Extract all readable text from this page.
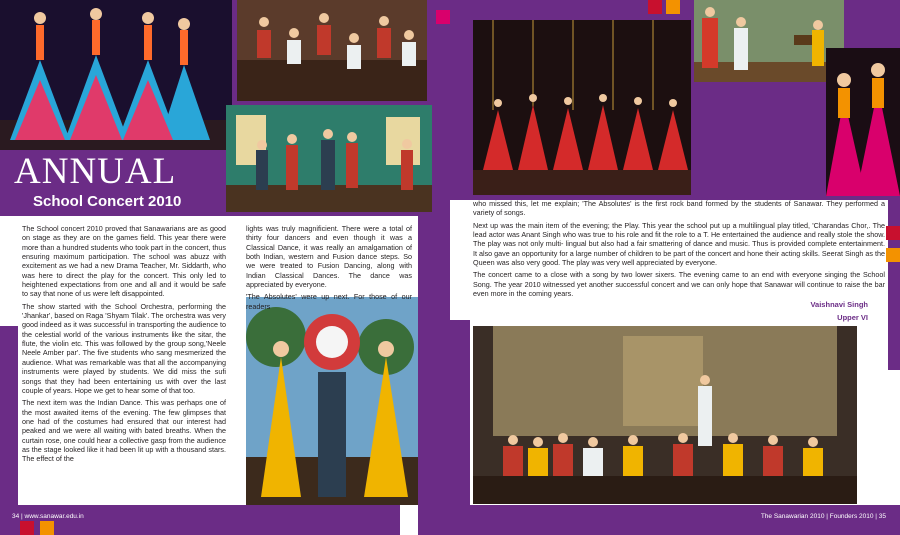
ANNUAL
School Concert 2010

The School concert 2010 proved that Sanawarians are as good on stage as they are on the games field. This year there were more than a hundred students who took part in the concert, thus ensuring maximum participation. The school was abuzz with excitement as we had a new Drama Teacher, Mr. Siddarth, who was here to direct the play for the concert. This only led to heightened expectations from one and all and it would be safe to say that none of us were left disappointed.

The show started with the School Orchestra, performing the 'Jhankar', based on Raga 'Shyam Tilak'. The orchestra was very good indeed as it was successful in transporting the audience to the celestial world of the various instruments like the sitar, the flute, the violin etc. This was followed by the group song,'Neele Neele Amber par'. The five students who sang mesmerized the audience. What was remarkable was that all the accompanying instruments were played by students. We did miss the sufi songs that they had been entertaining us with over the last couple of years. Hope we get to hear some of that too.

The next item was the Indian Dance. This was perhaps one of the most awaited items of the evening. The few glimpses that one had of the costumes had ensured that our interest had peaked and we were all waiting with bated breaths. When the curtain rose, one could hear a collective gasp from the audience as the stage looked like it had been lit up with a thousand stars. The effect of the

lights was truly magnificient. There were a total of thirty four dancers and even though it was a Classical Dance, it was really an amalgamation of both Indian, western and Fusion dance steps. So we were treated to Fusion Dancing, along with Indian Classical Dances. The dance was appreciated by everyone.

'The Absolutes' were up next. For those of our readers

who missed this, let me explain; 'The Absolutes' is the first rock band formed by the students of Sanawar. They performed a variety of songs.

Next up was the main item of the evening; the Play. This year the school put up a multilingual play titled, 'Charandas Chor,. The lead actor was Anant Singh who was true to his role and fit the role to a T. He entertained the audience and really stole the show. The play was not only multi- lingual but also had a fair smattering of dance and music. Thus is provided complete entertainment. It also gave an opportunity for a large number of children to be part of the concert and hone their acting skills. Seerat Singh as the Queen was also very good. The play was very well appreciated by everyone.

The concert came to a close with a song by two lower sixers. The evening came to an end with everyone singing the School Song. The year 2010 witnessed yet another successful concert and we can only hope that Sanawar will continue to raise the bar even more in the coming years.

Vaishnavi Singh
Upper VI
34 | www.sanawar.edu.in	The Sanawarian 2010 | Founders 2010 | 35
